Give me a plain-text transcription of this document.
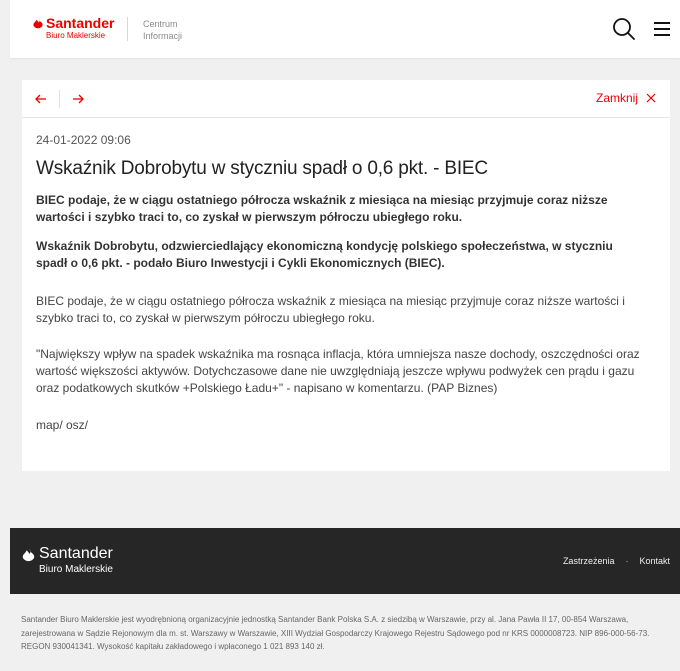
Santander
Biuro Maklerskie
Centrum
Informacji
Zamknij
24-01-2022 09:06
Wskaźnik Dobrobytu w styczniu spadł o 0,6 pkt. - BIEC

BIEC podaje, że w ciągu ostatniego półrocza wskaźnik z miesiąca na miesiąc przyjmuje coraz niższe wartości i szybko traci to, co zyskał w pierwszym półroczu ubiegłego roku.

Wskaźnik Dobrobytu, odzwierciedlający ekonomiczną kondycję polskiego społeczeństwa, w styczniu spadł o 0,6 pkt. - podało Biuro Inwestycji i Cykli Ekonomicznych (BIEC).

BIEC podaje, że w ciągu ostatniego półrocza wskaźnik z miesiąca na miesiąc przyjmuje coraz niższe wartości i szybko traci to, co zyskał w pierwszym półroczu ubiegłego roku.

"Największy wpływ na spadek wskaźnika ma rosnąca inflacja, która umniejsza nasze dochody, oszczędności oraz wartość większości aktywów. Dotychczasowe dane nie uwzględniają jeszcze wpływu podwyżek cen prądu i gazu oraz podatkowych skutków +Polskiego Ładu+" - napisano w komentarzu. (PAP Biznes)

map/ osz/

Santander
Biuro Maklerskie
Zastrzeżenia · Kontakt

Santander Biuro Maklerskie jest wyodrębnioną organizacyjnie jednostką Santander Bank Polska S.A. z siedzibą w Warszawie, przy al. Jana Pawła II 17, 00-854 Warszawa, zarejestrowana w Sądzie Rejonowym dla m. st. Warszawy w Warszawie, XIII Wydział Gospodarczy Krajowego Rejestru Sądowego pod nr KRS 0000008723. NIP 896-000-56-73. REGON 930041341. Wysokość kapitału zakładowego i wpłaconego 1 021 893 140 zł.
